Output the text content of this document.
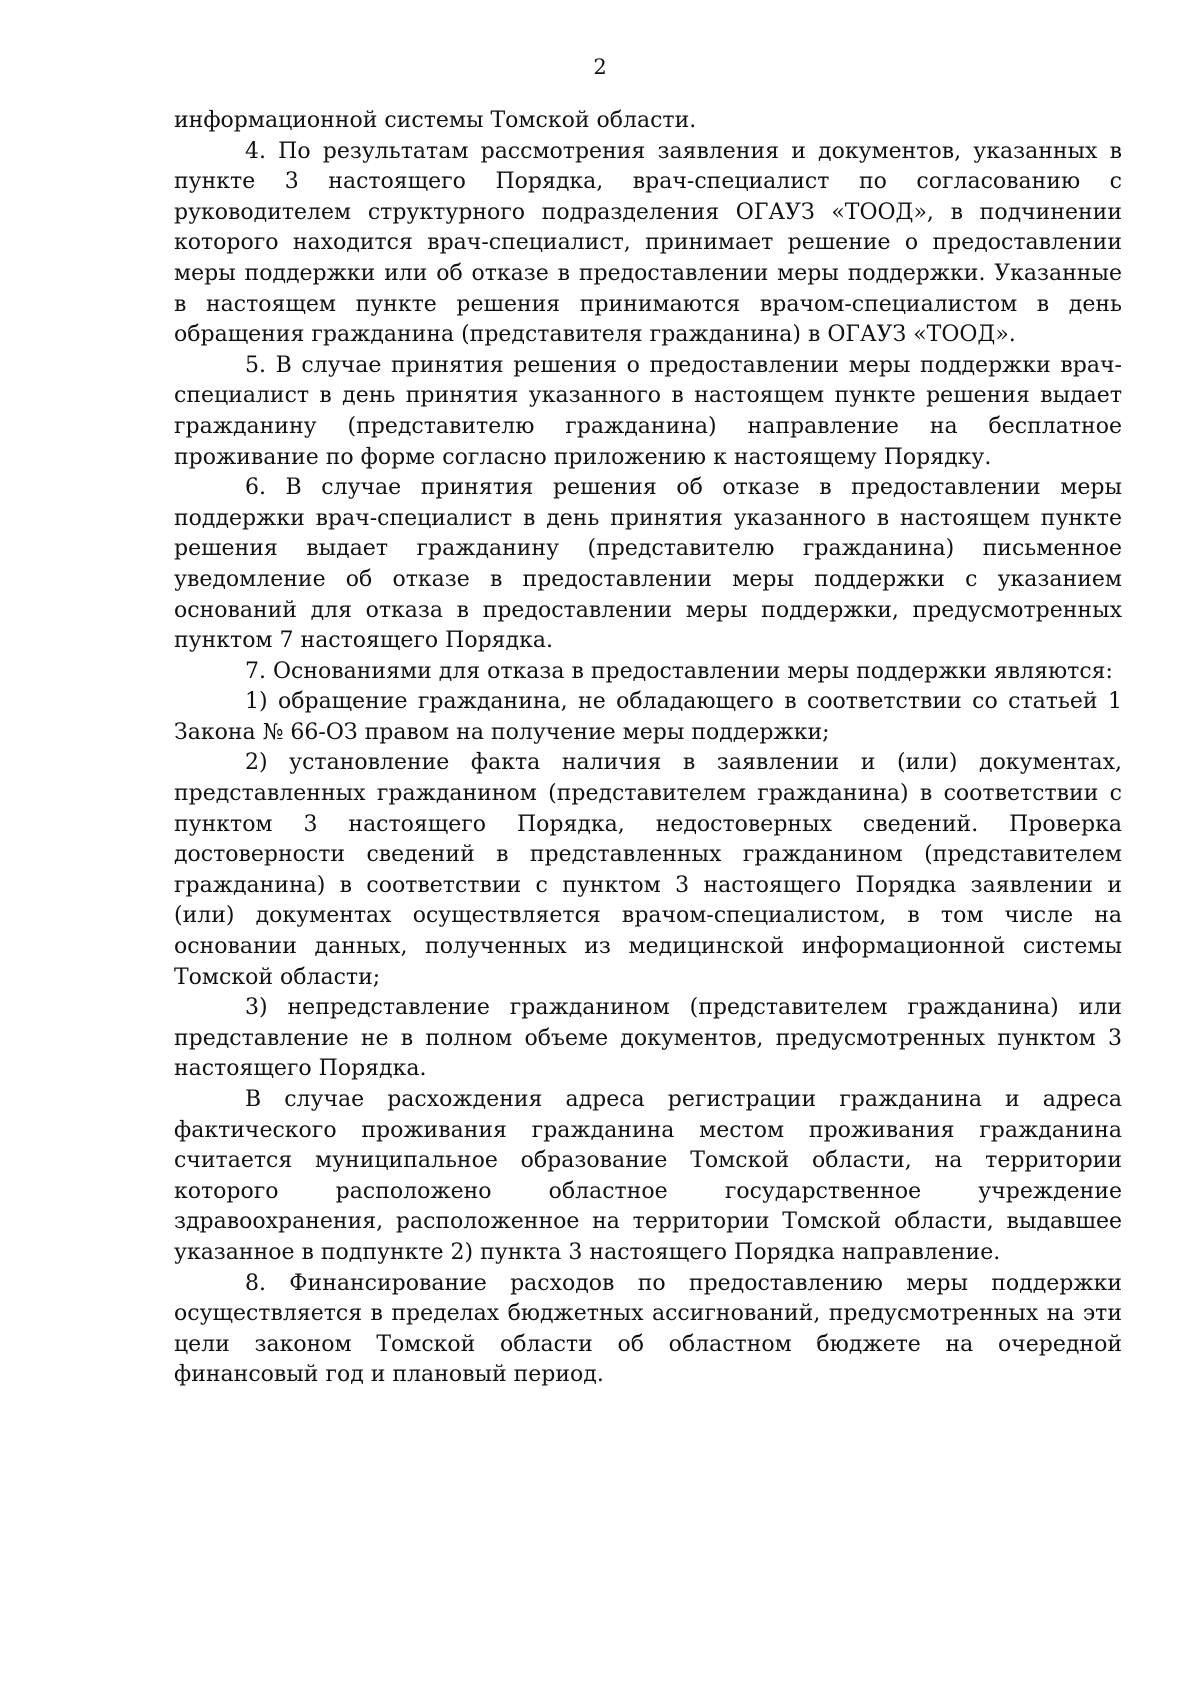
2

информационной системы Томской области.

4. По результатам рассмотрения заявления и документов, указанных в пункте 3 настоящего Порядка, врач-специалист по согласованию с руководителем структурного подразделения ОГАУЗ «ТООД», в подчинении которого находится врач-специалист, принимает решение о предоставлении меры поддержки или об отказе в предоставлении меры поддержки. Указанные в настоящем пункте решения принимаются врачом-специалистом в день обращения гражданина (представителя гражданина) в ОГАУЗ «ТООД».

5. В случае принятия решения о предоставлении меры поддержки врач-специалист в день принятия указанного в настоящем пункте решения выдает гражданину (представителю гражданина) направление на бесплатное проживание по форме согласно приложению к настоящему Порядку.

6. В случае принятия решения об отказе в предоставлении меры поддержки врач-специалист в день принятия указанного в настоящем пункте решения выдает гражданину (представителю гражданина) письменное уведомление об отказе в предоставлении меры поддержки с указанием оснований для отказа в предоставлении меры поддержки, предусмотренных пунктом 7 настоящего Порядка.

7. Основаниями для отказа в предоставлении меры поддержки являются:

1) обращение гражданина, не обладающего в соответствии со статьей 1 Закона № 66-ОЗ правом на получение меры поддержки;

2) установление факта наличия в заявлении и (или) документах, представленных гражданином (представителем гражданина) в соответствии с пунктом 3 настоящего Порядка, недостоверных сведений. Проверка достоверности сведений в представленных гражданином (представителем гражданина) в соответствии с пунктом 3 настоящего Порядка заявлении и (или) документах осуществляется врачом-специалистом, в том числе на основании данных, полученных из медицинской информационной системы Томской области;

3) непредставление гражданином (представителем гражданина) или представление не в полном объеме документов, предусмотренных пунктом 3 настоящего Порядка.

В случае расхождения адреса регистрации гражданина и адреса фактического проживания гражданина местом проживания гражданина считается муниципальное образование Томской области, на территории которого расположено областное государственное учреждение здравоохранения, расположенное на территории Томской области, выдавшее указанное в подпункте 2) пункта 3 настоящего Порядка направление.

8. Финансирование расходов по предоставлению меры поддержки осуществляется в пределах бюджетных ассигнований, предусмотренных на эти цели законом Томской области об областном бюджете на очередной финансовый год и плановый период.
